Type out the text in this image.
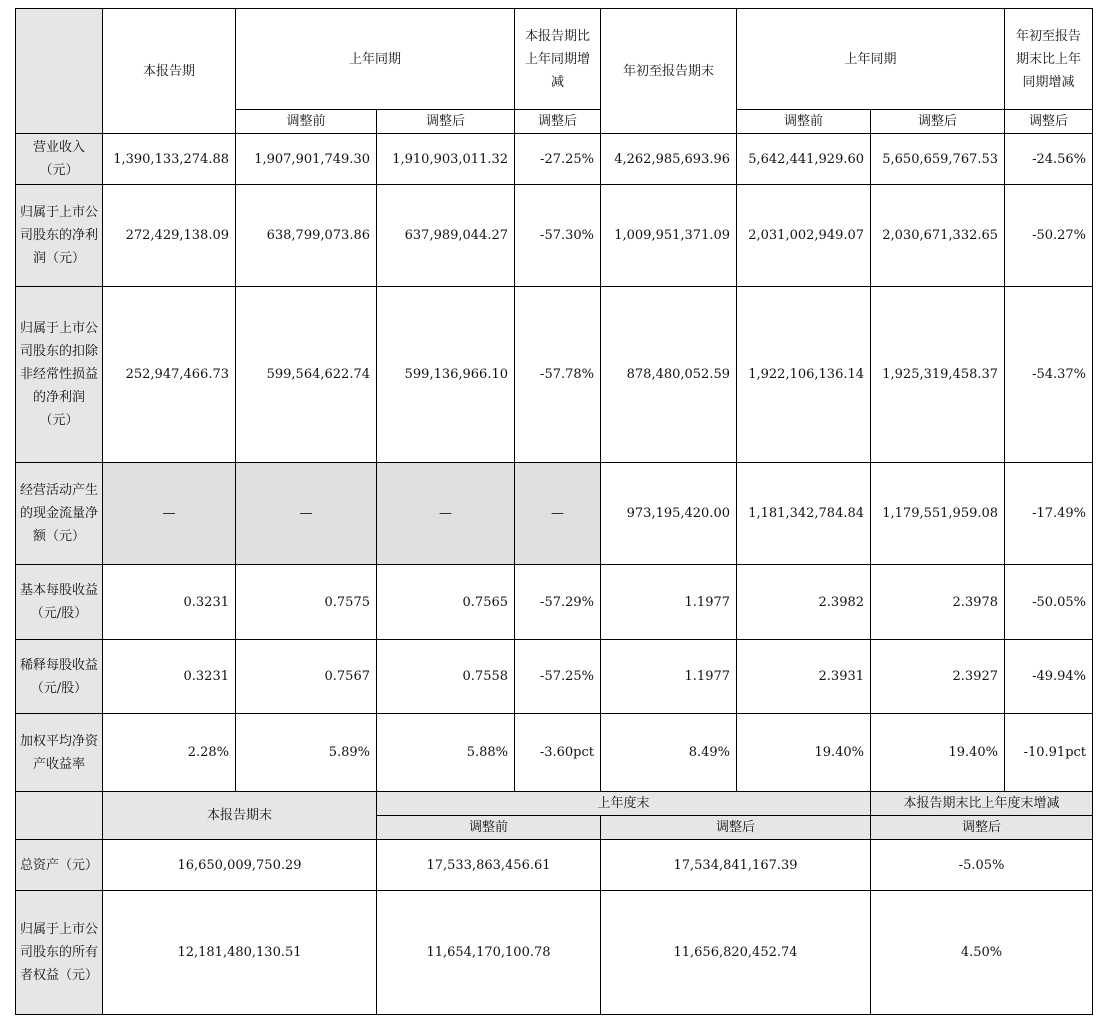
	本报告期	上年同期		本报告期比上年同期增减	年初至报告期末	上年同期		年初至报告期末比上年同期增减
		调整前	调整后	调整后		调整前	调整后	调整后
营业收入（元）	1,390,133,274.88	1,907,901,749.30	1,910,903,011.32	-27.25%	4,262,985,693.96	5,642,441,929.60	5,650,659,767.53	-24.56%
归属于上市公司股东的净利润（元）	272,429,138.09	638,799,073.86	637,989,044.27	-57.30%	1,009,951,371.09	2,031,002,949.07	2,030,671,332.65	-50.27%
归属于上市公司股东的扣除非经常性损益的净利润（元）	252,947,466.73	599,564,622.74	599,136,966.10	-57.78%	878,480,052.59	1,922,106,136.14	1,925,319,458.37	-54.37%
经营活动产生的现金流量净额（元）	—	—	—	—	973,195,420.00	1,181,342,784.84	1,179,551,959.08	-17.49%
基本每股收益（元/股）	0.3231	0.7575	0.7565	-57.29%	1.1977	2.3982	2.3978	-50.05%
稀释每股收益（元/股）	0.3231	0.7567	0.7558	-57.25%	1.1977	2.3931	2.3927	-49.94%
加权平均净资产收益率	2.28%	5.89%	5.88%	-3.60pct	8.49%	19.40%	19.40%	-10.91pct
	本报告期末		上年度末				本报告期末比上年度末增减	
			调整前		调整后		调整后	
总资产（元）	16,650,009,750.29		17,533,863,456.61		17,534,841,167.39		-5.05%	
归属于上市公司股东的所有者权益（元）	12,181,480,130.51		11,654,170,100.78		11,656,820,452.74		4.50%	
